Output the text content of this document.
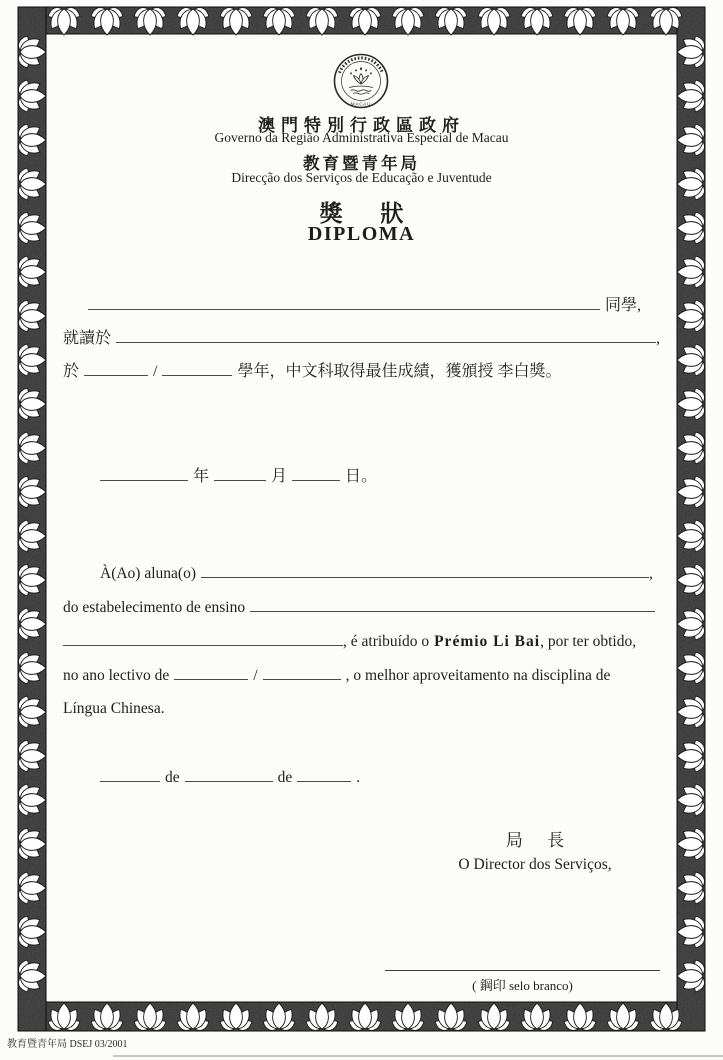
MACAU
澳門特別行政區政府
Governo da Região Administrativa Especial de Macau
教育暨青年局
Direcção dos Serviços de Educação e Juventude
獎 狀
DIPLOMA
同學,
就讀於	,
於	/	學年，中文科取得最佳成績，獲頒授 李白獎。
年	月	日。
À(Ao) aluna(o)	,
do estabelecimento de ensino
, é atribuído o Prémio Li Bai, por ter obtido,
no ano lectivo de	/	, o melhor aproveitamento na disciplina de
Língua Chinesa.
de	de	.
局 長
O Director dos Serviços,
( 鋼印 selo branco)
教育暨青年局 DSEJ 03/2001
